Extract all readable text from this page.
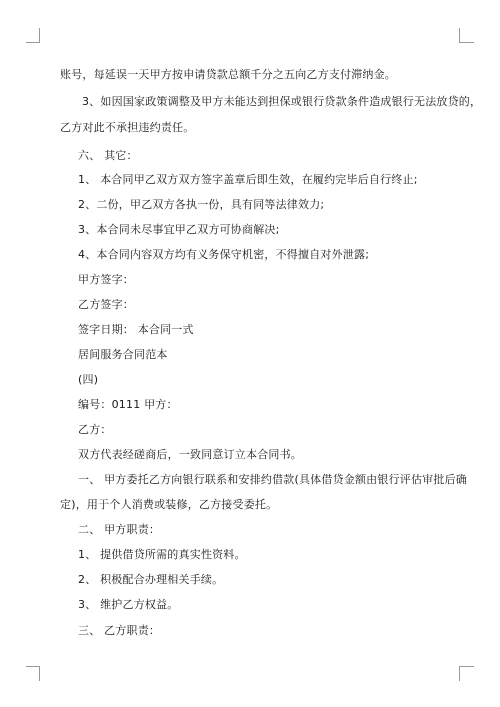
账号，每延误一天甲方按申请贷款总额千分之五向乙方支付滞纳金。
3、如因国家政策调整及甲方未能达到担保或银行贷款条件造成银行无法放贷的，
乙方对此不承担违约责任。
六、 其它：
1、 本合同甲乙双方双方签字盖章后即生效，在履约完毕后自行终止;
2、二份，甲乙双方各执一份，具有同等法律效力;
3、本合同未尽事宜甲乙双方可协商解决;
4、本合同内容双方均有义务保守机密，不得擅自对外泄露;
甲方签字：
乙方签字：
签字日期： 本合同一式
居间服务合同范本
(四)
编号：0111 甲方：
乙方：
双方代表经磋商后，一致同意订立本合同书。
一、 甲方委托乙方向银行联系和安排约借款(具体借贷金额由银行评估审批后确
定)，用于个人消费或装修，乙方接受委托。
二、 甲方职责：
1、 提供借贷所需的真实性资料。
2、 积极配合办理相关手续。
3、 维护乙方权益。
三、 乙方职责：
